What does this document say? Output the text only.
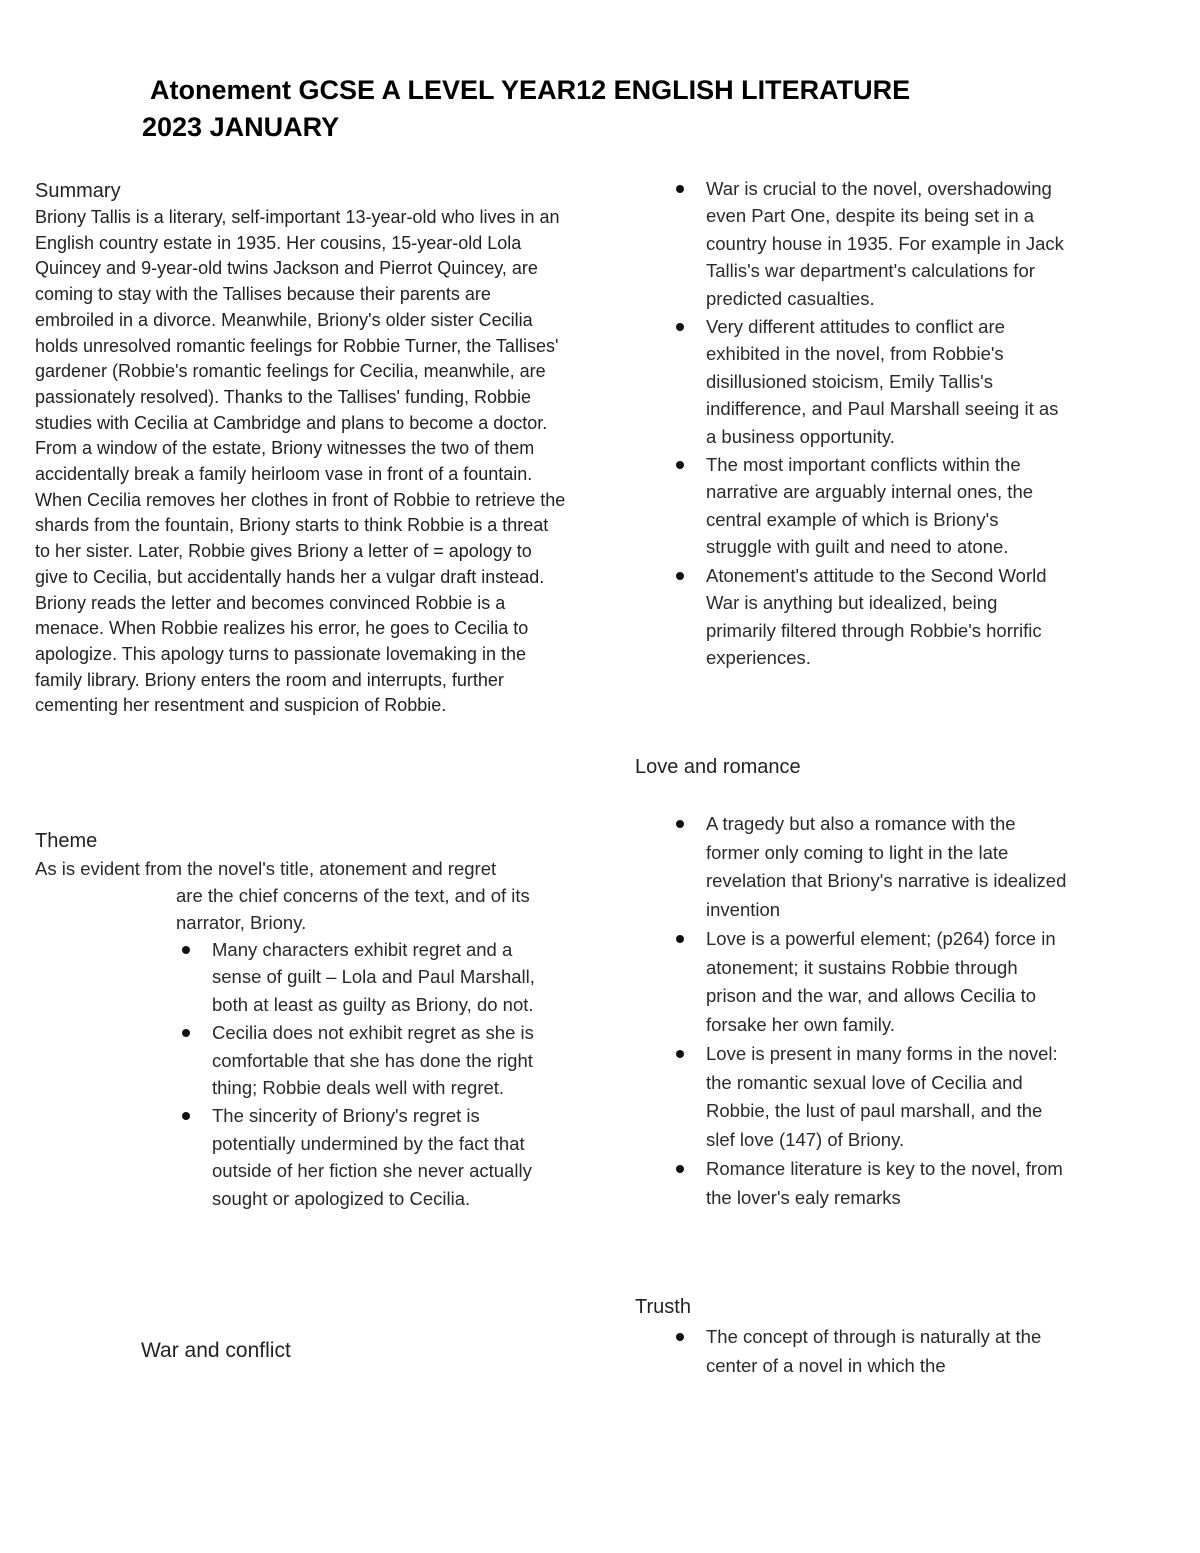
Atonement GCSE A LEVEL YEAR12 ENGLISH LITERATURE
2023 JANUARY
Summary

Briony Tallis is a literary, self-important 13-year-old who lives in an English country estate in 1935. Her cousins, 15-year-old Lola Quincey and 9-year-old twins Jackson and Pierrot Quincey, are coming to stay with the Tallises because their parents are embroiled in a divorce. Meanwhile, Briony's older sister Cecilia holds unresolved romantic feelings for Robbie Turner, the Tallises' gardener (Robbie's romantic feelings for Cecilia, meanwhile, are passionately resolved). Thanks to the Tallises' funding, Robbie studies with Cecilia at Cambridge and plans to become a doctor. From a window of the estate, Briony witnesses the two of them accidentally break a family heirloom vase in front of a fountain. When Cecilia removes her clothes in front of Robbie to retrieve the shards from the fountain, Briony starts to think Robbie is a threat to her sister. Later, Robbie gives Briony a letter of = apology to give to Cecilia, but accidentally hands her a vulgar draft instead. Briony reads the letter and becomes convinced Robbie is a menace. When Robbie realizes his error, he goes to Cecilia to apologize. This apology turns to passionate lovemaking in the family library. Briony enters the room and interrupts, further cementing her resentment and suspicion of Robbie.

Theme

As is evident from the novel's title, atonement and regret

are the chief concerns of the text, and of its narrator, Briony.

Many characters exhibit regret and a sense of guilt – Lola and Paul Marshall, both at least as guilty as Briony, do not.
Cecilia does not exhibit regret as she is comfortable that she has done the right thing; Robbie deals well with regret.
The sincerity of Briony's regret is potentially undermined by the fact that outside of her fiction she never actually sought or apologized to Cecilia.
War and conflict
War is crucial to the novel, overshadowing even Part One, despite its being set in a country house in 1935. For example in Jack Tallis's war department's calculations for predicted casualties.
Very different attitudes to conflict are exhibited in the novel, from Robbie's disillusioned stoicism, Emily Tallis's indifference, and Paul Marshall seeing it as a business opportunity.
The most important conflicts within the narrative are arguably internal ones, the central example of which is Briony's struggle with guilt and need to atone.
Atonement's attitude to the Second World War is anything but idealized, being primarily filtered through Robbie's horrific experiences.
Love and romance
A tragedy but also a romance with the former only coming to light in the late revelation that Briony's narrative is idealized invention
Love is a powerful element; (p264) force in atonement; it sustains Robbie through prison and the war, and allows Cecilia to forsake her own family.
Love is present in many forms in the novel: the romantic sexual love of Cecilia and Robbie, the lust of paul marshall, and the slef love (147) of Briony.
Romance literature is key to the novel, from the lover's ealy remarks
Trusth
The concept of through is naturally at the center of a novel in which the
